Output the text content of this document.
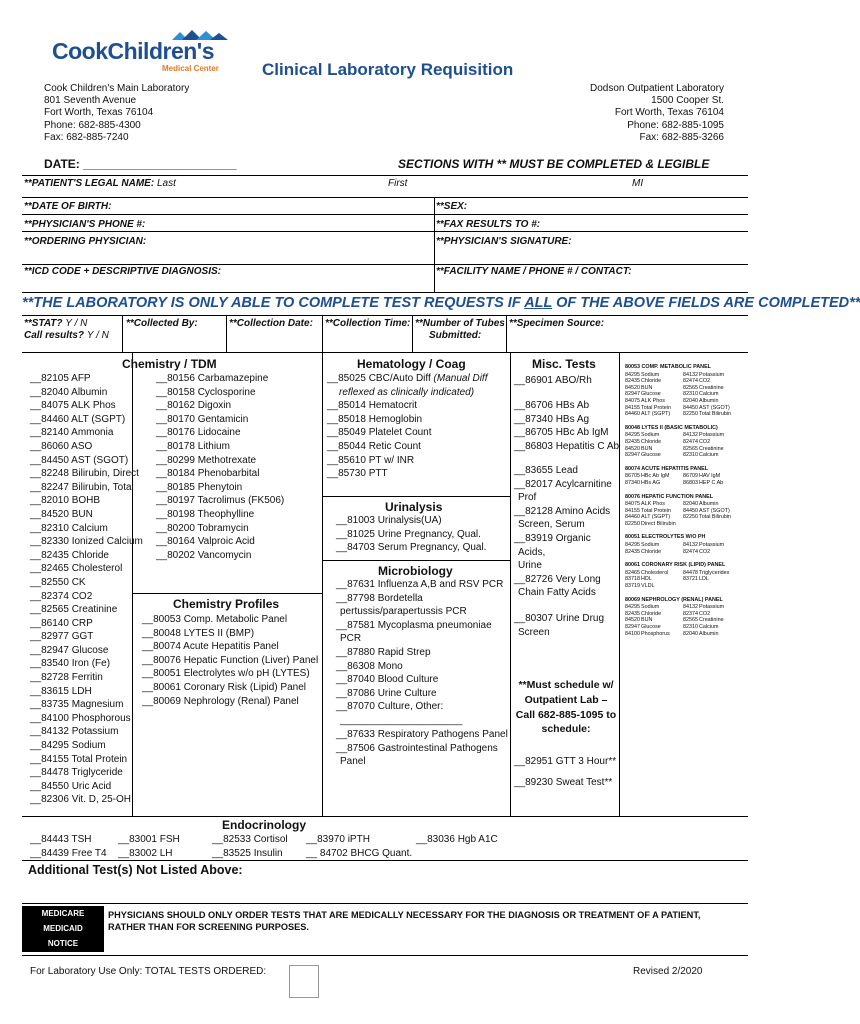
CookChildren's
Medical Center	Clinical Laboratory Requisition
Cook Children's Main Laboratory
801 Seventh Avenue
Fort Worth, Texas 76104
Phone: 682-885-4300
Fax: 682-885-7240
Dodson Outpatient Laboratory
1500 Cooper St.
Fort Worth, Texas 76104
Phone: 682-885-1095
Fax: 682-885-3266
DATE: _______________________	SECTIONS WITH ** MUST BE COMPLETED & LEGIBLE
**PATIENT'S LEGAL NAME: Last	First	MI
**DATE OF BIRTH:	**SEX:
**PHYSICIAN'S PHONE #:	**FAX RESULTS TO #:
**ORDERING PHYSICIAN:	**PHYSICIAN'S SIGNATURE:
**ICD CODE + DESCRIPTIVE DIAGNOSIS:	**FACILITY NAME / PHONE # / CONTACT:
**THE LABORATORY IS ONLY ABLE TO COMPLETE TEST REQUESTS IF ALL OF THE ABOVE FIELDS ARE COMPLETED**
**STAT? Y / N
Call results? Y / N
**Collected By:	**Collection Date: **Collection Time: **Number of Tubes
Submitted:
**Specimen Source:
Chemistry / TDM
__82105 AFP
__82040 Albumin
__84075 ALK Phos
__84460 ALT (SGPT)
__82140 Ammonia
__86060 ASO
__84450 AST (SGOT)
__82248 Bilirubin, Direct
__82247 Bilirubin, Total
__82010 BOHB
__84520 BUN
__82310 Calcium
__82330 Ionized Calcium
__82435 Chloride
__82465 Cholesterol
__82550 CK
__82374 CO2
__82565 Creatinine
__86140 CRP
__82977 GGT
__82947 Glucose
__83540 Iron (Fe)
__82728 Ferritin
__83615 LDH
__83735 Magnesium
__84100 Phosphorous
__84132 Potassium
__84295 Sodium
__84155 Total Protein
__84478 Triglyceride
__84550 Uric Acid
__82306 Vit. D, 25-OH
__80156 Carbamazepine
__80158 Cyclosporine
__80162 Digoxin
__80170 Gentamicin
__80176 Lidocaine
__80178 Lithium
__80299 Methotrexate
__80184 Phenobarbital
__80185 Phenytoin
__80197 Tacrolimus (FK506)
__80198 Theophylline
__80200 Tobramycin
__80164 Valproic Acid
__80202 Vancomycin
Chemistry Profiles
__80053 Comp. Metabolic Panel
__80048 LYTES II (BMP)
__80074 Acute Hepatitis Panel
__80076 Hepatic Function (Liver) Panel
__80051 Electrolytes w/o pH (LYTES)
__80061 Coronary Risk (Lipid) Panel
__80069 Nephrology (Renal) Panel
Hematology / Coag
__85025 CBC/Auto Diff (Manual Diff
reflexed as clinically indicated)
__85014 Hematocrit
__85018 Hemoglobin
__85049 Platelet Count
__85044 Retic Count
__85610 PT w/ INR
__85730 PTT
Urinalysis
__81003 Urinalysis(UA)
__81025 Urine Pregnancy, Qual.
__84703 Serum Pregnancy, Qual.
Microbiology
__87631 Influenza A,B and RSV PCR
__87798 Bordetella
pertussis/parapertussis PCR
__87581 Mycoplasma pneumoniae
PCR
__87880 Rapid Strep
__86308 Mono
__87040 Blood Culture
__87086 Urine Culture
__87070 Culture, Other:
______________________
__87633 Respiratory Pathogens Panel
__87506 Gastrointestinal Pathogens
Panel
Misc. Tests
__86901 ABO/Rh
__86706 HBs Ab
__87340 HBs Ag
__86705 HBc Ab IgM
__86803 Hepatitis C Ab
__83655 Lead
__82017 Acylcarnitine
Prof
__82128 Amino Acids
Screen, Serum
__83919 Organic
Acids,
Urine
__82726 Very Long
Chain Fatty Acids
__80307 Urine Drug
Screen
**Must schedule w/
Outpatient Lab –
Call 682-885-1095 to
schedule:
__82951 GTT 3 Hour**
__89230 Sweat Test**
80053 COMP. METABOLIC PANEL
84295 Sodium	84132 Potassium
82435 Chloride	82474 CO2
84520 BUN	82565 Creatinine
82947 Glucose	82310 Calcium
84075 ALK Phos	82040 Albumin
84155 Total Protein	84450 AST (SGOT)
84460 ALT (SGPT)	82250 Total Bilirubin
80048 LYTES II (BASIC METABOLIC)
84295 Sodium	84132 Potassium
82435 Chloride	82474 CO2
84520 BUN	82565 Creatinine
82947 Glucose	82310 Calcium
80074 ACUTE HEPATITIS PANEL
86705 HBc Ab IgM	86709 HAV IgM
87340 HBs AG	86803 HEP C Ab
80076 HEPATIC FUNCTION PANEL
84075 ALK Phos	82040 Albumin
84155 Total Protein	84450 AST (SGOT)
84460 ALT (SGPT)	82250 Total Bilirubin
82250 Direct Bilirubin
80051 ELECTROLYTES W/O PH
84295 Sodium	84132 Potassium
82435 Chloride	82474 CO2
80061 CORONARY RISK (LIPID) PANEL
82465 Cholesterol	84478 Triglycerides
83718 HDL	83721 LDL
83719 VLDL
80069 NEPHROLOGY (RENAL) PANEL
84295 Sodium	84132 Potassium
82435 Chloride	82374 CO2
84520 BUN	82565 Creatinine
82947 Glucose	82310 Calcium
84100 Phosphorus	82040 Albumin
Endocrinology
__84443 TSH	__83001 FSH	__82533 Cortisol __83970 iPTH	__83036 Hgb A1C
__84439 Free T4 __83002 LH	__83525 Insulin __ 84702 BHCG Quant.
Additional Test(s) Not Listed Above:
MEDICARE
MEDICAID
NOTICE
PHYSICIANS SHOULD ONLY ORDER TESTS THAT ARE MEDICALLY NECESSARY FOR THE DIAGNOSIS OR TREATMENT OF A PATIENT, RATHER THAN FOR SCREENING PURPOSES.
For Laboratory Use Only: TOTAL TESTS ORDERED:	Revised 2/2020
